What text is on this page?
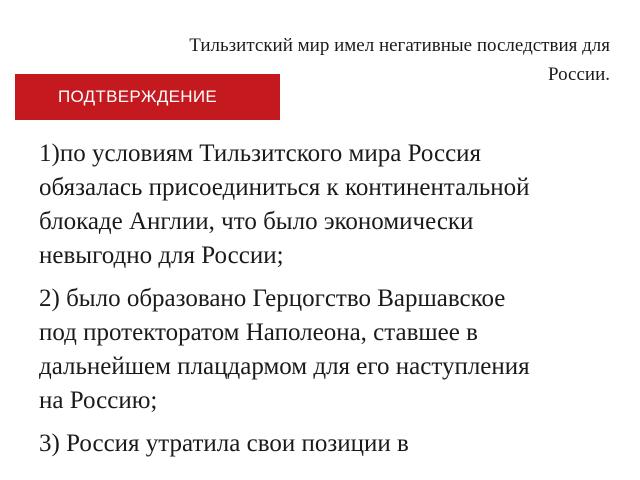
Тильзитский мир имел негативные последствия для
России.
ПОДТВЕРЖДЕНИЕ
1)по условиям Тильзитского мира Россия
обязалась присоединиться к континентальной
блокаде Англии, что было экономически
невыгодно для России;
2) было образовано Герцогство Варшавское
под протекторатом Наполеона, ставшее в
дальнейшем плацдармом для его наступления
на Россию;
3) Россия утратила свои позиции в
